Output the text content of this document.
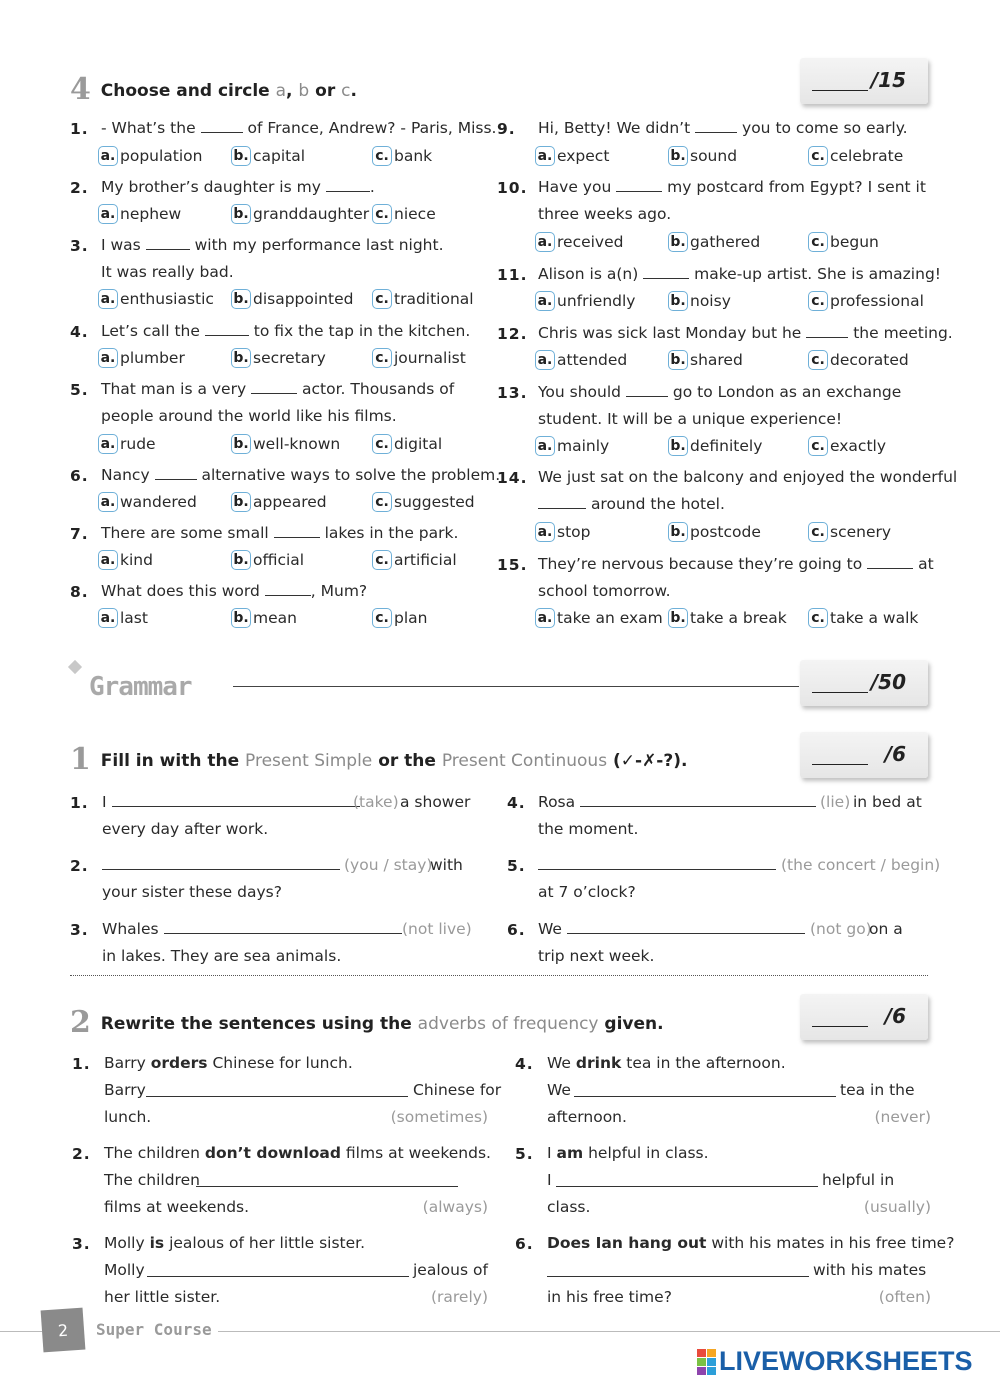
4 Choose and circle a, b or c.	/15
1. - What’s the	of France, Andrew? - Paris, Miss.
a. population b. capital	c. bank
2. My brother’s daughter is my	.
a. nephew	b. granddaughter c. niece
3. I was	with my performance last night.
It was really bad.
a. enthusiastic b. disappointed c. traditional
4. Let’s call the	to fix the tap in the kitchen.
a. plumber	b. secretary	c. journalist
5. That man is a very	actor. Thousands of
people around the world like his films.
a. rude	b. well-known c. digital
6. Nancy	alternative ways to solve the problem.
a. wandered	b. appeared	c. suggested
7. There are some small	lakes in the park.
a. kind	b. official	c. artificial
8. What does this word	, Mum?
a. last	b. mean	c. plan
9. Hi, Betty! We didn’t	you to come so early.
a. expect	b. sound	c. celebrate
10. Have you	my postcard from Egypt? I sent it
three weeks ago.
a. received	b. gathered	c. begun
11. Alison is a(n)	make-up artist. She is amazing!
a. unfriendly b. noisy	c. professional
12. Chris was sick last Monday but he	the meeting.
a. attended	b. shared	c. decorated
13. You should	go to London as an exchange
student. It will be a unique experience!
a. mainly	b. definitely	c. exactly
14. We just sat on the balcony and enjoyed the wonderful
around the hotel.
a. stop	b. postcode	c. scenery
15. They’re nervous because they’re going to	at
school tomorrow.
a. take an exam b. take a break c. take a walk
Grammar	/50
1 Fill in with the Present Simple or the Present Continuous (✓-✗-?).	/6
1. I	(take) a shower
every day after work.
2.	(you / stay)
with
your sister these days?
3. Whales	(not live)
in lakes. They are sea animals.
4. Rosa	(lie) in bed at
the moment.
5.	(the concert / begin)
at 7 o’clock?
6. We	(not go)
on a
trip next week.
2 Rewrite the sentences using the adverbs of frequency given.	/6
1. Barry orders Chinese for lunch.
Barry	Chinese for
lunch.	(sometimes)
2. The children don’t download films at weekends.
The children
films at weekends.	(always)
3. Molly is jealous of her little sister.
Molly	jealous of
her little sister.	(rarely)
4. We drink tea in the afternoon.
We	tea in the
afternoon.	(never)
5. I am helpful in class.
I	helpful in
class.	(usually)
6. Does Ian hang out with his mates in his free time?
with his mates
in his free time?	(often)
2	Super Course
LIVEWORKSHEETS
